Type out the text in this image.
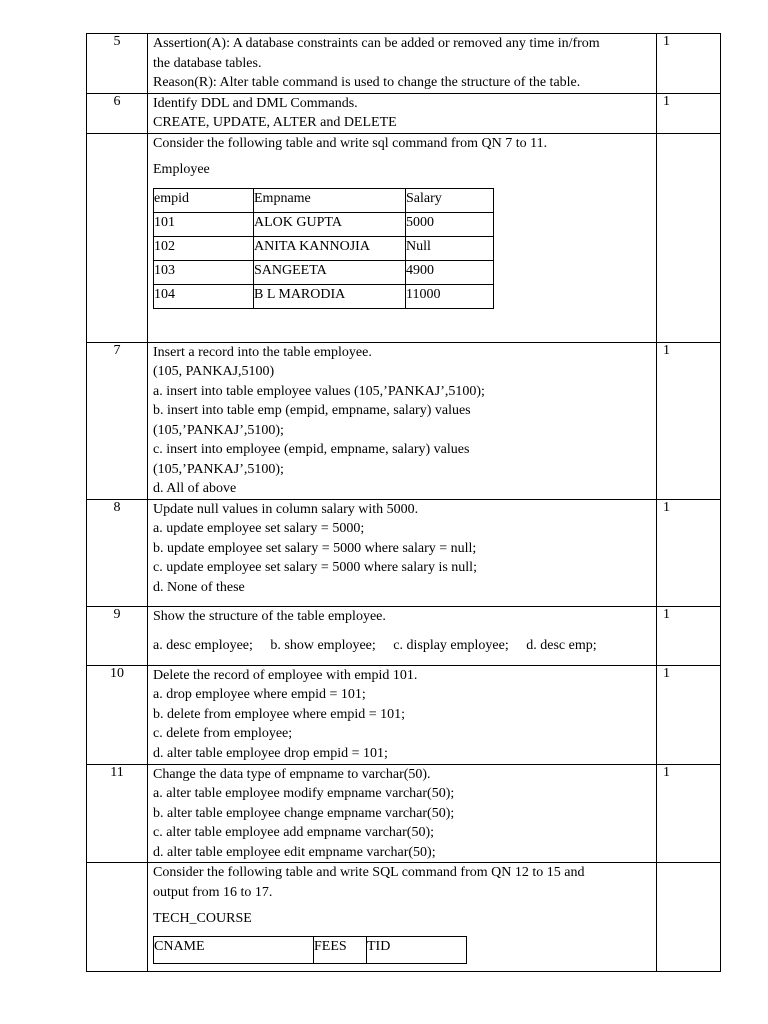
5	Assertion(A): A database constraints can be added or removed any time in/from
the database tables.
Reason(R): Alter table command is used to change the structure of the table.
	1
6	Identify DDL and DML Commands.
CREATE, UPDATE, ALTER and DELETE
	1

Consider the following table and write sql command from QN 7 to 11.
Employee
empid	Empname	Salary
101	ALOK GUPTA	5000
102	ANITA KANNOJIA	Null
103	SANGEETA	4900
104	B L MARODIA	11000

7	Insert a record into the table employee.
(105, PANKAJ,5100)
a. insert into table employee values (105,’PANKAJ’,5100);
b. insert into table emp (empid, empname, salary) values
(105,’PANKAJ’,5100);
c. insert into employee (empid, empname, salary) values
(105,’PANKAJ’,5100);
d. All of above
	1
8	Update null values in column salary with 5000.
a. update employee set salary = 5000;
b. update employee set salary = 5000 where salary = null;
c. update employee set salary = 5000 where salary is null;
d. None of these
	1
9	Show the structure of the table employee.
a. desc employee; b. show employee; c. display employee; d. desc emp;
	1
10	Delete the record of employee with empid 101.
a. drop employee where empid = 101;
b. delete from employee where empid = 101;
c. delete from employee;
d. alter table employee drop empid = 101;
	1
11	Change the data type of empname to varchar(50).
a. alter table employee modify empname varchar(50);
b. alter table employee change empname varchar(50);
c. alter table employee add empname varchar(50);
d. alter table employee edit empname varchar(50);
	1

Consider the following table and write SQL command from QN 12 to 15 and
output from 16 to 17.
TECH_COURSE
CNAME	FEES	TID
